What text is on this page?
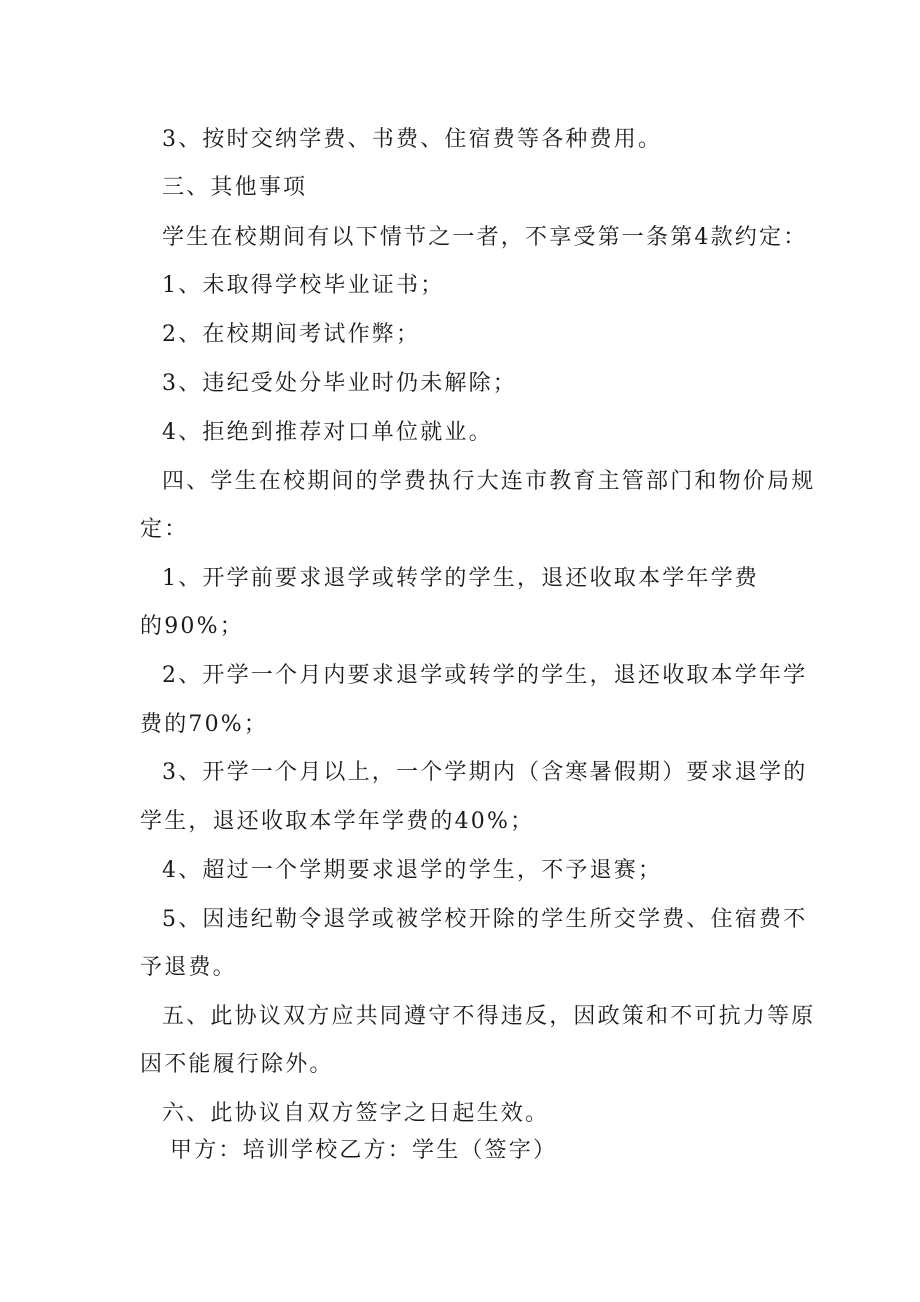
3、按时交纳学费、书费、住宿费等各种费用。
三、其他事项
学生在校期间有以下情节之一者，不享受第一条第4款约定：
1、未取得学校毕业证书；
2、在校期间考试作弊；
3、违纪受处分毕业时仍未解除；
4、拒绝到推荐对口单位就业。
四、学生在校期间的学费执行大连市教育主管部门和物价局规
定：
1、开学前要求退学或转学的学生，退还收取本学年学费
的90%；
2、开学一个月内要求退学或转学的学生，退还收取本学年学
费的70%；
3、开学一个月以上，一个学期内（含寒暑假期）要求退学的
学生，退还收取本学年学费的40%；
4、超过一个学期要求退学的学生，不予退赛；
5、因违纪勒令退学或被学校开除的学生所交学费、住宿费不
予退费。
五、此协议双方应共同遵守不得违反，因政策和不可抗力等原
因不能履行除外。
六、此协议自双方签字之日起生效。
甲方：培训学校乙方：学生（签字）
